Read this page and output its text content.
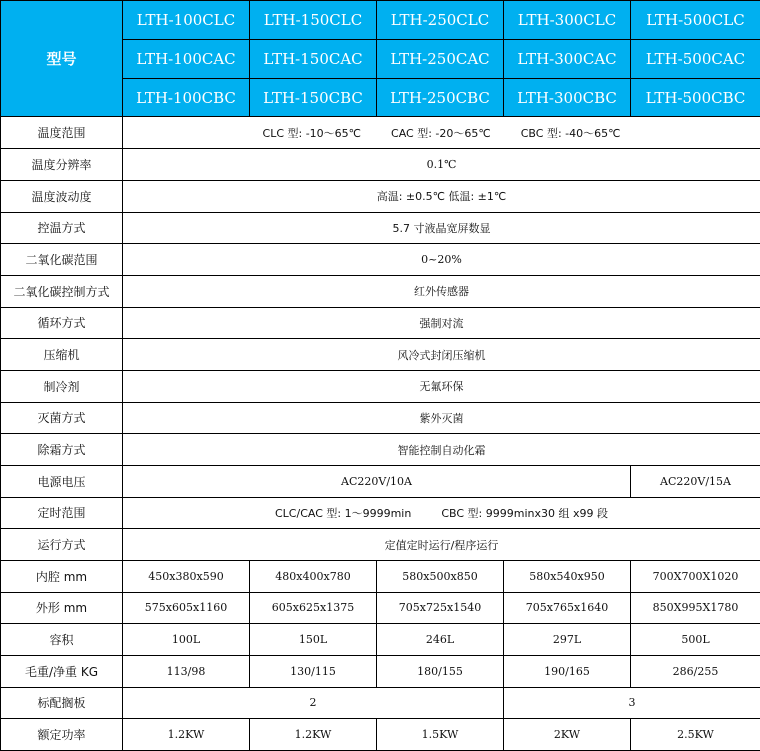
型号	LTH-100CLC	LTH-150CLC	LTH-250CLC	LTH-300CLC	LTH-500CLC
	LTH-100CAC	LTH-150CAC	LTH-250CAC	LTH-300CAC	LTH-500CAC
	LTH-100CBC	LTH-150CBC	LTH-250CBC	LTH-300CBC	LTH-500CBC
温度范围	CLC 型: -10～65℃ CAC 型: -20～65℃ CBC 型: -40～65℃				
温度分辨率	0.1℃				
温度波动度	高温: ±0.5℃ 低温: ±1℃				
控温方式	5.7 寸液晶宽屏数显				
二氧化碳范围	0~20%				
二氧化碳控制方式	红外传感器				
循环方式	强制对流				
压缩机	风冷式封闭压缩机				
制冷剂	无氟环保				
灭菌方式	紫外灭菌				
除霜方式	智能控制自动化霜				
电源电压	AC220V/10A				AC220V/15A
定时范围	CLC/CAC 型: 1～9999min CBC 型: 9999minx30 组 x99 段				
运行方式	定值定时运行/程序运行				
内腔 mm	450x380x590	480x400x780	580x500x850	580x540x950	700X700X1020
外形 mm	575x605x1160	605x625x1375	705x725x1540	705x765x1640	850X995X1780
容积	100L	150L	246L	297L	500L
毛重/净重 KG	113/98	130/115	180/155	190/165	286/255
标配搁板	2			3	
额定功率	1.2KW	1.2KW	1.5KW	2KW	2.5KW
